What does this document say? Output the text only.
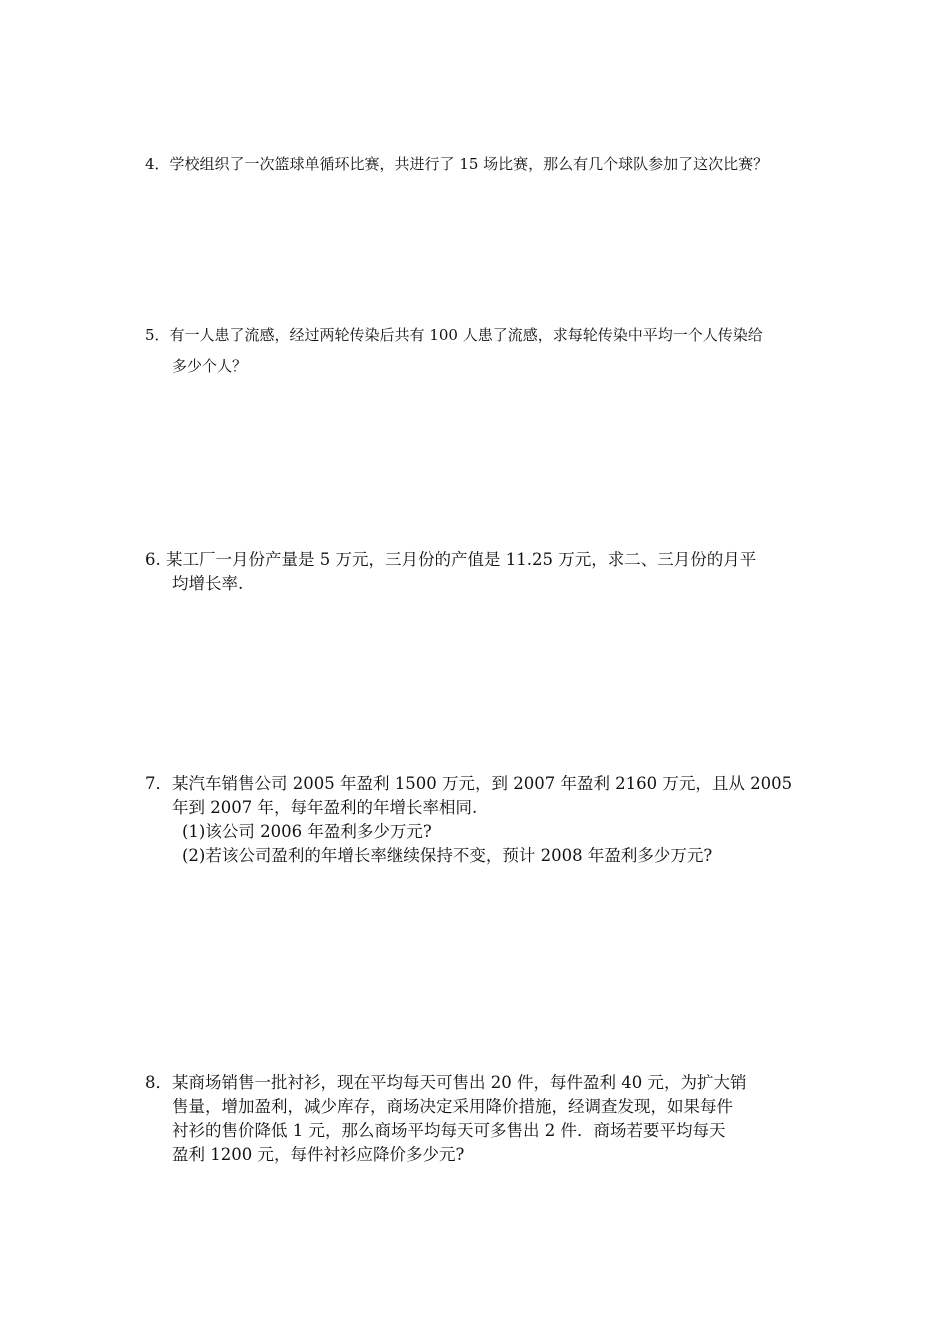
4．学校组织了一次篮球单循环比赛，共进行了 15 场比赛，那么有几个球队参加了这次比赛？
5．有一人患了流感，经过两轮传染后共有 100 人患了流感，求每轮传染中平均一个人传染给
多少个人？
6. 某工厂一月份产量是 5 万元，三月份的产值是 11.25 万元，求二、三月份的月平
均增长率.
7．某汽车销售公司 2005 年盈利 1500 万元，到 2007 年盈利 2160 万元，且从 2005
年到 2007 年，每年盈利的年增长率相同.
(1)该公司 2006 年盈利多少万元?
(2)若该公司盈利的年增长率继续保持不变，预计 2008 年盈利多少万元?
8．某商场销售一批衬衫，现在平均每天可售出 20 件，每件盈利 40 元，为扩大销
售量，增加盈利，减少库存，商场决定采用降价措施，经调查发现，如果每件
衬衫的售价降低 1 元，那么商场平均每天可多售出 2 件．商场若要平均每天
盈利 1200 元，每件衬衫应降价多少元?
